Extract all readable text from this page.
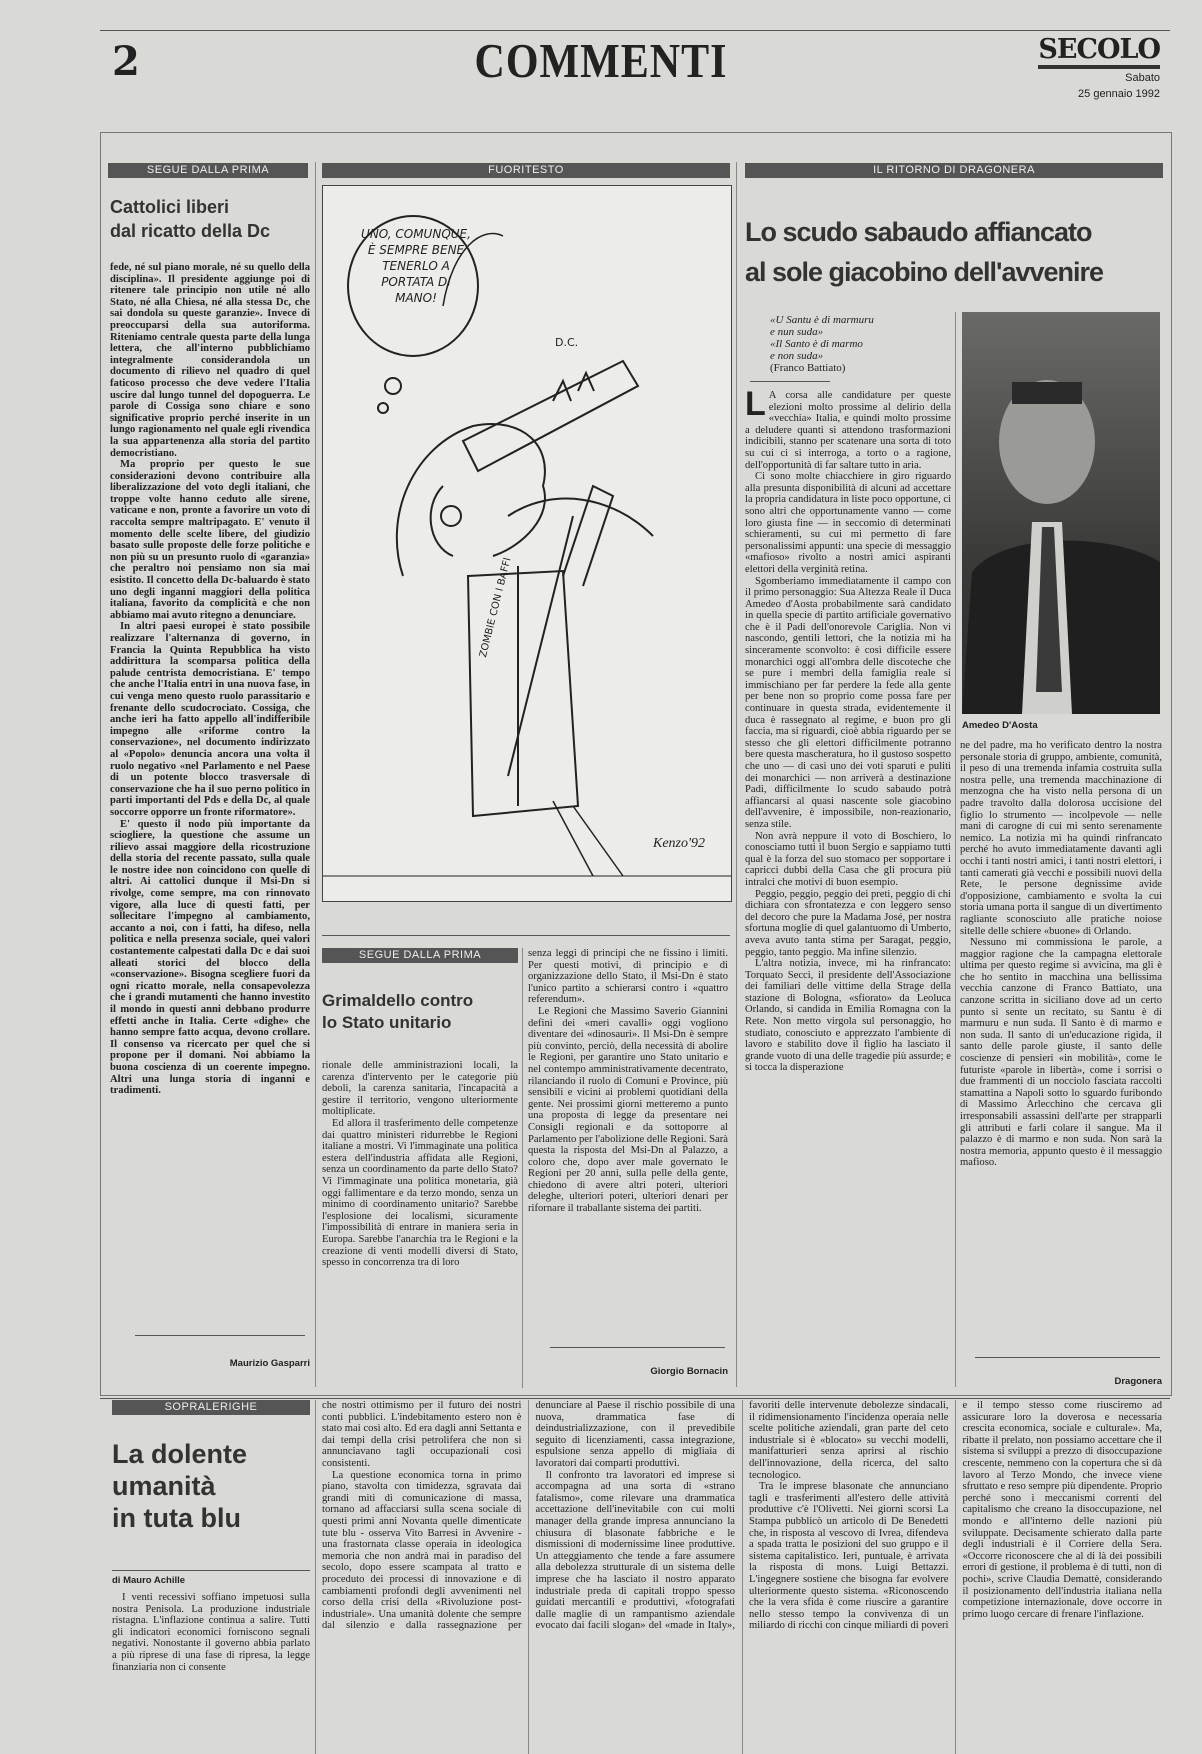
2	COMMENTI	SECOLO
Sabato
25 gennaio 1992
SEGUE DALLA PRIMA
Cattolici liberi
dal ricatto della Dc

fede, né sul piano morale, né su quello della disciplina». Il presidente aggiunge poi di ritenere tale principio non utile né allo Stato, né alla Chiesa, né alla stessa Dc, che sai dondola su queste garanzie». Invece di preoccuparsi della sua autoriforma. Riteniamo centrale questa parte della lunga lettera, che all'interno pubblichiamo integralmente considerandola un documento di rilievo nel quadro di quel faticoso processo che deve vedere l'Italia uscire dal lungo tunnel del dopoguerra. Le parole di Cossiga sono chiare e sono significative proprio perché inserite in un lungo ragionamento nel quale egli rivendica la sua appartenenza alla storia del partito democristiano.

Ma proprio per questo le sue considerazioni devono contribuire alla liberalizzazione del voto degli italiani, che troppe volte hanno ceduto alle sirene, vaticane e non, pronte a favorire un voto di raccolta sempre maltripagato. E' venuto il momento delle scelte libere, del giudizio basato sulle proposte delle forze politiche e non più su un presunto ruolo di «garanzia» che peraltro noi pensiamo non sia mai esistito. Il concetto della Dc-baluardo è stato uno degli inganni maggiori della politica italiana, favorito da complicità e che non abbiamo mai avuto ritegno a denunciare.

In altri paesi europei è stato possibile realizzare l'alternanza di governo, in Francia la Quinta Repubblica ha visto addirittura la scomparsa politica della palude centrista democristiana. E' tempo che anche l'Italia entri in una nuova fase, in cui venga meno questo ruolo parassitario e frenante dello scudocrociato. Cossiga, che anche ieri ha fatto appello all'indifferibile impegno alle «riforme contro la conservazione», nel documento indirizzato al «Popolo» denuncia ancora una volta il ruolo negativo «nel Parlamento e nel Paese di un potente blocco trasversale di conservazione che ha il suo perno politico in parti importanti del Pds e della Dc, al quale soccorre opporre un fronte riformatore».

E' questo il nodo più importante da sciogliere, la questione che assume un rilievo assai maggiore della ricostruzione della storia del recente passato, sulla quale le nostre idee non coincidono con quelle di altri. Ai cattolici dunque il Msi-Dn si rivolge, come sempre, ma con rinnovato vigore, alla luce di questi fatti, per sollecitare l'impegno al cambiamento, accanto a noi, con i fatti, ha difeso, nella politica e nella presenza sociale, quei valori costantemente calpestati dalla Dc e dai suoi alleati storici del blocco della «conservazione». Bisogna scegliere fuori da ogni ricatto morale, nella consapevolezza che i grandi mutamenti che hanno investito il mondo in questi anni debbano produrre effetti anche in Italia. Certe «dighe» che hanno sempre fatto acqua, devono crollare. Il consenso va ricercato per quel che si propone per il domani. Noi abbiamo la buona coscienza di un coerente impegno. Altri una lunga storia di inganni e tradimenti.

Maurizio Gasparri
FUORITESTO
UNO, COMUNQUE,
È SEMPRE BENE
TENERLO A
PORTATA DI
MANO!
D.C.
ZOMBIE CON I BAFFI
Kenzo'92
SEGUE DALLA PRIMA
Grimaldello contro
lo Stato unitario

rionale delle amministrazioni locali, la carenza d'intervento per le categorie più deboli, la carenza sanitaria, l'incapacità a gestire il territorio, vengono ulteriormente moltiplicate.

Ed allora il trasferimento delle competenze dai quattro ministeri ridurrebbe le Regioni italiane a mostri. Vi l'immaginate una politica estera dell'industria affidata alle Regioni, senza un coordinamento da parte dello Stato? Vi l'immaginate una politica monetaria, già oggi fallimentare e da terzo mondo, senza un minimo di coordinamento unitario? Sarebbe l'esplosione dei localismi, sicuramente l'impossibilità di entrare in maniera seria in Europa. Sarebbe l'anarchia tra le Regioni e la creazione di venti modelli diversi di Stato, spesso in concorrenza tra di loro

senza leggi di principi che ne fissino i limiti. Per questi motivi, di principio e di organizzazione dello Stato, il Msi-Dn è stato l'unico partito a schierarsi contro i «quattro referendum».

Le Regioni che Massimo Saverio Giannini definì dei «meri cavalli» oggi vogliono diventare dei «dinosauri». Il Msi-Dn è sempre più convinto, perciò, della necessità di abolire le Regioni, per garantire uno Stato unitario e nel contempo amministrativamente decentrato, rilanciando il ruolo di Comuni e Province, più sensibili e vicini ai problemi quotidiani della gente. Nei prossimi giorni metteremo a punto una proposta di legge da presentare nei Consigli regionali e da sottoporre al Parlamento per l'abolizione delle Regioni. Sarà questa la risposta del Msi-Dn al Palazzo, a coloro che, dopo aver male governato le Regioni per 20 anni, sulla pelle della gente, chiedono di avere altri poteri, ulteriori deleghe, ulteriori poteri, ulteriori denari per rifornare il traballante sistema dei partiti.

Giorgio Bornacin
IL RITORNO DI DRAGONERA
Lo scudo sabaudo affiancato
al sole giacobino dell'avvenire
«U Santu è di marmuru
e nun suda»
«Il Santo è di marmo
e non suda»
(Franco Battiato)
L A corsa alle candidature per queste elezioni molto prossime al delirio della «vecchia» Italia, e quindi molto prossime a deludere quanti si attendono trasformazioni indicibili, stanno per scatenare una sorta di toto su cui ci si interroga, a torto o a ragione, dell'opportunità di far saltare tutto in aria.

Ci sono molte chiacchiere in giro riguardo alla presunta disponibilità di alcuni ad accettare la propria candidatura in liste poco opportune, ci sono altri che opportunamente vanno — come loro giusta fine — in seccomio di determinati schieramenti, su cui mi permetto di fare personalissimi appunti: una specie di messaggio «mafioso» rivolto a nostri amici aspiranti elettori della verginità retina.

Sgomberiamo immediatamente il campo con il primo personaggio: Sua Altezza Reale il Duca Amedeo d'Aosta probabilmente sarà candidato in quella specie di partito artificiale governativo che è il Padi dell'onorevole Cariglia. Non vi nascondo, gentili lettori, che la notizia mi ha sinceramente sconvolto: è così difficile essere monarchici oggi all'ombra delle discoteche che se pure i membri della famiglia reale si immischiano per far perdere la fede alla gente per bene non so proprio come possa fare per continuare in questa strada, evidentemente il duca è rassegnato al regime, e buon pro gli faccia, ma si riguardi, cioè abbia riguardo per se stesso che gli elettori difficilmente potranno bere questa mascheratura, ho il gustoso sospetto che uno — di casi uno dei voti sparuti e puliti dei monarchici — non arriverà a destinazione Padi, difficilmente lo scudo sabaudo potrà affiancarsi al quasi nascente sole giacobino dell'avvenire, è impossibile, non-reazionario, senza stile.

Non avrà neppure il voto di Boschiero, lo conosciamo tutti il buon Sergio e sappiamo tutti qual è la forza del suo stomaco per sopportare i capricci dubbi della Casa che gli procura più intralci che motivi di buon esempio.

Peggio, peggio, peggio dei preti, peggio di chi dichiara con sfrontatezza e con leggero senso del decoro che pure la Madama José, per nostra sfortuna moglie di quel galantuomo di Umberto, aveva avuto tanta stima per Saragat, peggio, peggio, tanto peggio. Ma infine silenzio.

L'altra notizia, invece, mi ha rinfrancato: Torquato Secci, il presidente dell'Associazione dei familiari delle vittime della Strage della stazione di Bologna, «sfiorato» da Leoluca Orlando, si candida in Emilia Romagna con la Rete. Non metto virgola sul personaggio, ho studiato, conosciuto e apprezzato l'ambiente di lavoro e stabilito dove il figlio ha lasciato il grande vuoto di una delle tragedie più assurde; e si tocca la disperazione

Amedeo D'Aosta

ne del padre, ma ho verificato dentro la nostra personale storia di gruppo, ambiente, comunità, il peso di una tremenda infamia costruita sulla nostra pelle, una tremenda macchinazione di menzogna che ha visto nella persona di un padre travolto dalla dolorosa uccisione del figlio lo strumento — incolpevole — nelle mani di carogne di cui mi sento serenamente nemico. La notizia mi ha quindi rinfrancato perché ho avuto immediatamente davanti agli occhi i tanti nostri amici, i tanti nostri elettori, i tanti camerati già vecchi e possibili nuovi della Rete, le persone degnissime avide d'opposizione, cambiamento e svolta la cui storia umana porta il sangue di un divertimento ragliante sconosciuto alle pratiche noiose sitelle delle schiere «buone» di Orlando.

Nessuno mi commissiona le parole, a maggior ragione che la campagna elettorale ultima per questo regime si avvicina, ma gli è che ho sentito in macchina una bellissima vecchia canzone di Franco Battiato, una canzone scritta in siciliano dove ad un certo punto si sente un recitato, su Santu è di marmuru e nun suda. Il Santo è di marmo e non suda. Il santo di un'educazione rigida, il santo delle parole giuste, il santo delle coscienze di pensieri «in mobilità», come le futuriste «parole in libertà», come i sorrisi o due frammenti di un nocciolo fasciata raccolti stamattina a Napoli sotto lo sguardo furibondo di Massimo Arlecchino che cercava gli irresponsabili assassini dell'arte per strapparli gli attributi e farli colare il sangue. Ma il palazzo è di marmo e non suda. Non sarà la nostra memoria, appunto questo è il messaggio mafioso.

Dragonera
SOPRALERIGHE
La dolente
umanità
in tuta blu
di Mauro Achille

I venti recessivi soffiano impetuosi sulla nostra Penisola. La produzione industriale ristagna. L'inflazione continua a salire. Tutti gli indicatori economici forniscono segnali negativi. Nonostante il governo abbia parlato a più riprese di una fase di ripresa, la legge finanziaria non ci consente

che nostri ottimismo per il futuro dei nostri conti pubblici. L'indebitamento estero non è stato mai così alto. Ed era dagli anni Settanta e dai tempi della crisi petrolifera che non si annunciavano tagli occupazionali così consistenti.

La questione economica torna in primo piano, stavolta con timidezza, sgravata dai grandi miti di comunicazione di massa, tornano ad affacciarsi sulla scena sociale di questi primi anni Novanta quelle dimenticate tute blu - osserva Vito Barresi in Avvenire - una frastornata classe operaia in ideologica memoria che non andrà mai in paradiso del secolo, dopo essere scampata al tratto e proceduto dei processi di innovazione e di cambiamenti profondi degli avvenimenti nel corso della crisi della «Rivoluzione post-industriale». Una umanità dolente che sempre dal silenzio e dalla rassegnazione per denunciare al Paese il rischio possibile di una nuova, drammatica fase di deindustrializzazione, con il prevedibile seguito di licenziamenti, cassa integrazione, espulsione senza appello di migliaia di lavoratori dai comparti produttivi.

Il confronto tra lavoratori ed imprese si accompagna ad una sorta di «strano fatalismo», come rilevare una drammatica accettazione dell'inevitabile con cui molti manager della grande impresa annunciano la chiusura di blasonate fabbriche e le dismissioni di modernissime linee produttive. Un atteggiamento che tende a fare assumere alla debolezza strutturale di un sistema delle imprese che ha lasciato il nostro apparato industriale preda di capitali troppo spesso guidati mercantili e produttivi, «fotografati dalle maglie di un rampantismo aziendale evocato dai facili slogan» del «made in Italy», favoriti delle intervenute debolezze sindacali, il ridimensionamento l'incidenza operaia nelle scelte politiche aziendali, gran parte del ceto industriale si è «blocato» su vecchi modelli, manifatturieri senza aprirsi al rischio dell'innovazione, della ricerca, del salto tecnologico.

Tra le imprese blasonate che annunciano tagli e trasferimenti all'estero delle attività produttive c'è l'Olivetti. Nei giorni scorsi La Stampa pubblicò un articolo di De Benedetti che, in risposta al vescovo di Ivrea, difendeva a spada tratta le posizioni del suo gruppo e il sistema capitalistico. Ieri, puntuale, è arrivata la risposta di mons. Luigi Bettazzi. L'ingegnere sostiene che bisogna far evolvere ulteriormente questo sistema. «Riconoscendo che la vera sfida è come riuscire a garantire nello stesso tempo la convivenza di un miliardo di ricchi con cinque miliardi di poveri e il tempo stesso come riusciremo ad assicurare loro la doverosa e necessaria crescita economica, sociale e culturale». Ma, ribatte il prelato, non possiamo accettare che il sistema si sviluppi a prezzo di disoccupazione crescente, nemmeno con la copertura che si dà lavoro al Terzo Mondo, che invece viene sfruttato e reso sempre più dipendente. Proprio perché sono i meccanismi correnti del capitalismo che creano la disoccupazione, nel mondo e all'interno delle nazioni più sviluppate. Decisamente schierato dalla parte degli industriali è il Corriere della Sera. «Occorre riconoscere che al di là dei possibili errori di gestione, il problema è di tutti, non di pochi», scrive Claudia Demattè, considerando il posizionamento dell'industria italiana nella competizione internazionale, dove occorre in primo luogo cercare di frenare l'inflazione.
